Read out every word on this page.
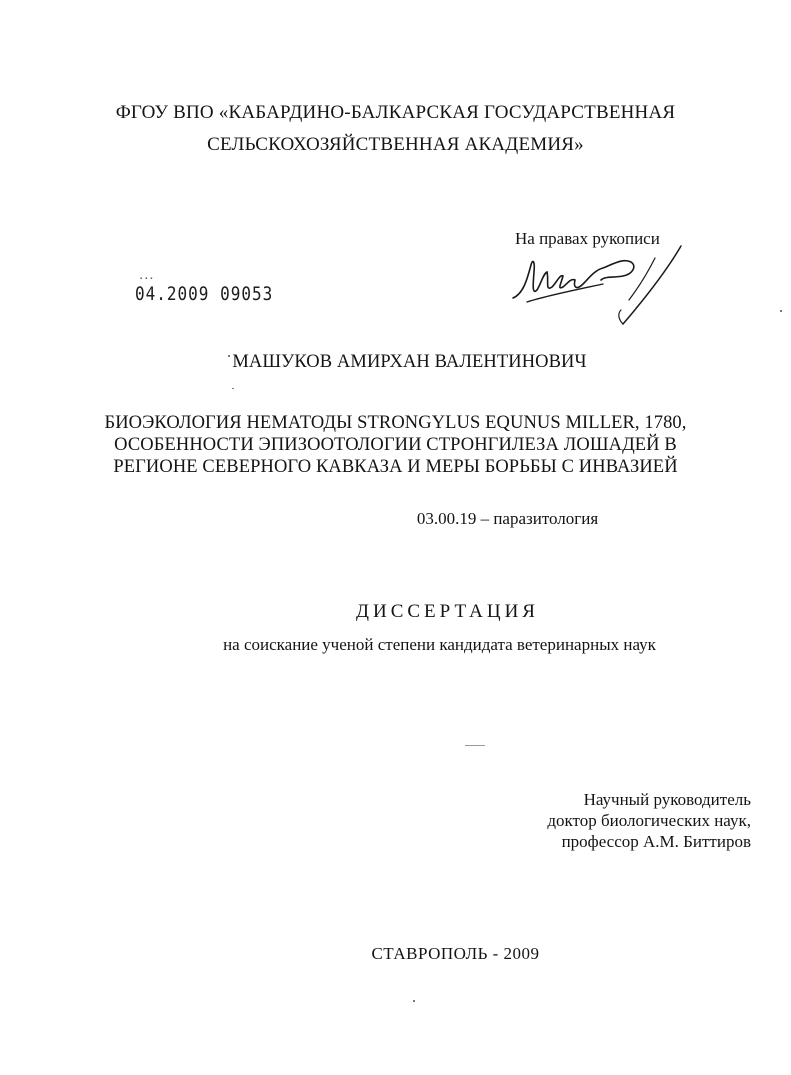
ФГОУ ВПО «КАБАРДИНО-БАЛКАРСКАЯ ГОСУДАРСТВЕННАЯ
СЕЛЬСКОХОЗЯЙСТВЕННАЯ АКАДЕМИЯ»
На правах рукописи
▪▪▪
04.2009 09053
МАШУКОВ АМИРХАН ВАЛЕНТИНОВИЧ
БИОЭКОЛОГИЯ НЕМАТОДЫ STRONGYLUS EQUNUS MILLER, 1780,
ОСОБЕННОСТИ ЭПИЗООТОЛОГИИ СТРОНГИЛЕЗА ЛОШАДЕЙ В
РЕГИОНЕ СЕВЕРНОГО КАВКАЗА И МЕРЫ БОРЬБЫ С ИНВАЗИЕЙ
03.00.19 – паразитология
ДИССЕРТАЦИЯ
на соискание ученой степени кандидата ветеринарных наук
Научный руководитель
доктор биологических наук,
профессор А.М. Биттиров
СТАВРОПОЛЬ - 2009
